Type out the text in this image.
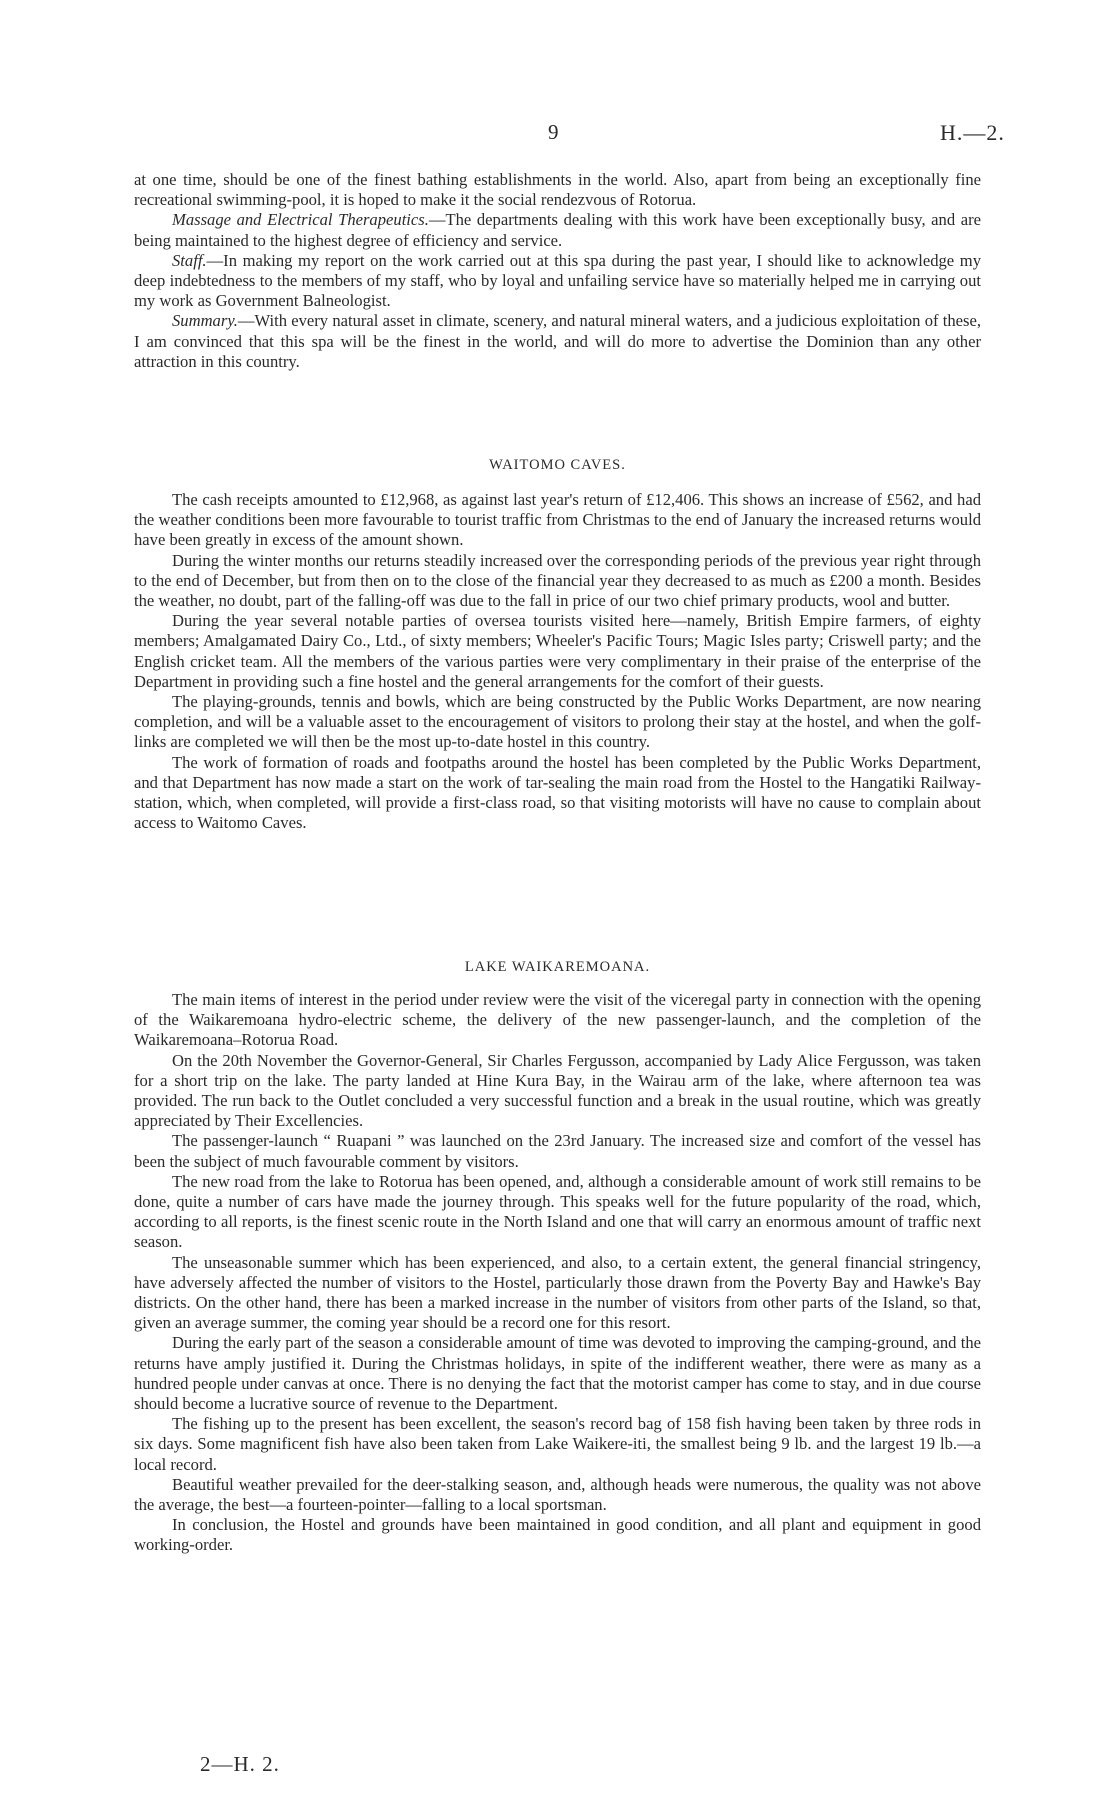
9	H.—2.

at one time, should be one of the finest bathing establishments in the world. Also, apart from being an exceptionally fine recreational swimming-pool, it is hoped to make it the social rendezvous of Rotorua.

Massage and Electrical Therapeutics.—The departments dealing with this work have been exceptionally busy, and are being maintained to the highest degree of efficiency and service.

Staff.—In making my report on the work carried out at this spa during the past year, I should like to acknowledge my deep indebtedness to the members of my staff, who by loyal and unfailing service have so materially helped me in carrying out my work as Government Balneologist.

Summary.—With every natural asset in climate, scenery, and natural mineral waters, and a judicious exploitation of these, I am convinced that this spa will be the finest in the world, and will do more to advertise the Dominion than any other attraction in this country.

WAITOMO CAVES.

The cash receipts amounted to £12,968, as against last year's return of £12,406. This shows an increase of £562, and had the weather conditions been more favourable to tourist traffic from Christmas to the end of January the increased returns would have been greatly in excess of the amount shown.

During the winter months our returns steadily increased over the corresponding periods of the previous year right through to the end of December, but from then on to the close of the financial year they decreased to as much as £200 a month. Besides the weather, no doubt, part of the falling-off was due to the fall in price of our two chief primary products, wool and butter.

During the year several notable parties of oversea tourists visited here—namely, British Empire farmers, of eighty members; Amalgamated Dairy Co., Ltd., of sixty members; Wheeler's Pacific Tours; Magic Isles party; Criswell party; and the English cricket team. All the members of the various parties were very complimentary in their praise of the enterprise of the Department in providing such a fine hostel and the general arrangements for the comfort of their guests.

The playing-grounds, tennis and bowls, which are being constructed by the Public Works Department, are now nearing completion, and will be a valuable asset to the encouragement of visitors to prolong their stay at the hostel, and when the golf-links are completed we will then be the most up-to-date hostel in this country.

The work of formation of roads and footpaths around the hostel has been completed by the Public Works Department, and that Department has now made a start on the work of tar-sealing the main road from the Hostel to the Hangatiki Railway-station, which, when completed, will provide a first-class road, so that visiting motorists will have no cause to complain about access to Waitomo Caves.

LAKE WAIKAREMOANA.

The main items of interest in the period under review were the visit of the viceregal party in connection with the opening of the Waikaremoana hydro-electric scheme, the delivery of the new passenger-launch, and the completion of the Waikaremoana–Rotorua Road.

On the 20th November the Governor-General, Sir Charles Fergusson, accompanied by Lady Alice Fergusson, was taken for a short trip on the lake. The party landed at Hine Kura Bay, in the Wairau arm of the lake, where afternoon tea was provided. The run back to the Outlet concluded a very successful function and a break in the usual routine, which was greatly appreciated by Their Excellencies.

The passenger-launch “ Ruapani ” was launched on the 23rd January. The increased size and comfort of the vessel has been the subject of much favourable comment by visitors.

The new road from the lake to Rotorua has been opened, and, although a considerable amount of work still remains to be done, quite a number of cars have made the journey through. This speaks well for the future popularity of the road, which, according to all reports, is the finest scenic route in the North Island and one that will carry an enormous amount of traffic next season.

The unseasonable summer which has been experienced, and also, to a certain extent, the general financial stringency, have adversely affected the number of visitors to the Hostel, particularly those drawn from the Poverty Bay and Hawke's Bay districts. On the other hand, there has been a marked increase in the number of visitors from other parts of the Island, so that, given an average summer, the coming year should be a record one for this resort.

During the early part of the season a considerable amount of time was devoted to improving the camping-ground, and the returns have amply justified it. During the Christmas holidays, in spite of the indifferent weather, there were as many as a hundred people under canvas at once. There is no denying the fact that the motorist camper has come to stay, and in due course should become a lucrative source of revenue to the Department.

The fishing up to the present has been excellent, the season's record bag of 158 fish having been taken by three rods in six days. Some magnificent fish have also been taken from Lake Waikere-iti, the smallest being 9 lb. and the largest 19 lb.—a local record.

Beautiful weather prevailed for the deer-stalking season, and, although heads were numerous, the quality was not above the average, the best—a fourteen-pointer—falling to a local sportsman.

In conclusion, the Hostel and grounds have been maintained in good condition, and all plant and equipment in good working-order.

2—H. 2.
